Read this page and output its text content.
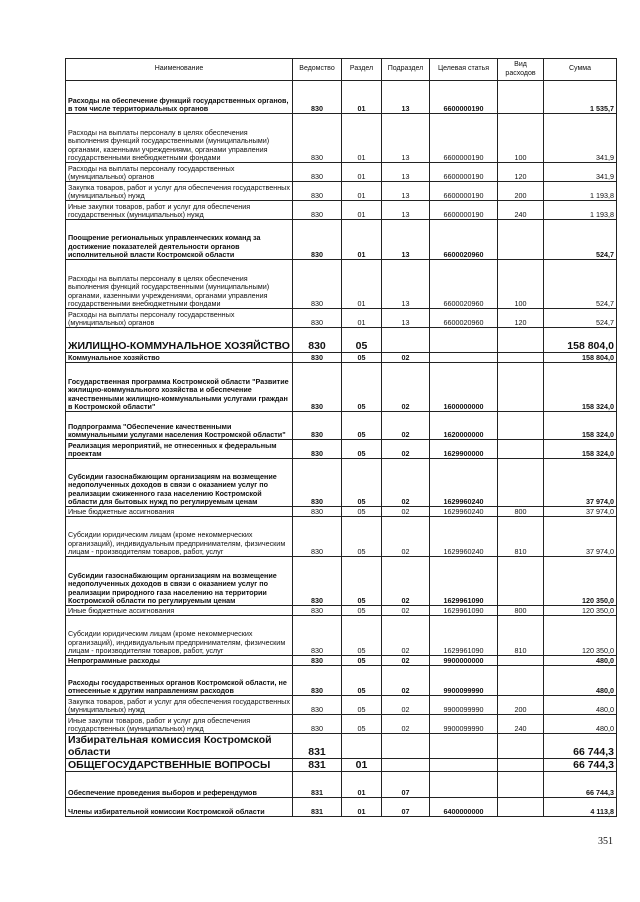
Наименование	Ведомство	Раздел	Подраздел	Целевая статья	Вид расходов	Сумма
Расходы на обеспечение функций государственных органов, в том числе территориальных органов	830	01	13	6600000190		1 535,7
Расходы на выплаты персоналу в целях обеспечения выполнения функций государственными (муниципальными) органами, казенными учреждениями, органами управления государственными внебюджетными фондами	830	01	13	6600000190	100	341,9
Расходы на выплаты персоналу государственных (муниципальных) органов	830	01	13	6600000190	120	341,9
Закупка товаров, работ и услуг для обеспечения государственных (муниципальных) нужд	830	01	13	6600000190	200	1 193,8
Иные закупки товаров, работ и услуг для обеспечения государственных (муниципальных) нужд	830	01	13	6600000190	240	1 193,8
Поощрение региональных управленческих команд за достижение показателей деятельности органов исполнительной власти Костромской области	830	01	13	6600020960		524,7
Расходы на выплаты персоналу в целях обеспечения выполнения функций государственными (муниципальными) органами, казенными учреждениями, органами управления государственными внебюджетными фондами	830	01	13	6600020960	100	524,7
Расходы на выплаты персоналу государственных (муниципальных) органов	830	01	13	6600020960	120	524,7
ЖИЛИЩНО-КОММУНАЛЬНОЕ ХОЗЯЙСТВО	830	05				158 804,0
Коммунальное хозяйство	830	05	02			158 804,0
Государственная программа Костромской области "Развитие жилищно-коммунального хозяйства и обеспечение качественными жилищно-коммунальными услугами граждан в Костромской области"	830	05	02	1600000000		158 324,0
Подпрограмма "Обеспечение качественными коммунальными услугами населения Костромской области"	830	05	02	1620000000		158 324,0
Реализация мероприятий, не отнесенных к федеральным проектам	830	05	02	1629900000		158 324,0
Субсидии газоснабжающим организациям на возмещение недополученных доходов в связи с оказанием услуг по реализации сжиженного газа населению Костромской области для бытовых нужд по регулируемым ценам	830	05	02	1629960240		37 974,0
Иные бюджетные ассигнования	830	05	02	1629960240	800	37 974,0
Субсидии юридическим лицам (кроме некоммерческих организаций), индивидуальным предпринимателям, физическим лицам - производителям товаров, работ, услуг	830	05	02	1629960240	810	37 974,0
Субсидии газоснабжающим организациям на возмещение недополученных доходов в связи с оказанием услуг по реализации природного газа населению на территории Костромской области по регулируемым ценам	830	05	02	1629961090		120 350,0
Иные бюджетные ассигнования	830	05	02	1629961090	800	120 350,0
Субсидии юридическим лицам (кроме некоммерческих организаций), индивидуальным предпринимателям, физическим лицам - производителям товаров, работ, услуг	830	05	02	1629961090	810	120 350,0
Непрограммные расходы	830	05	02	9900000000		480,0
Расходы государственных органов Костромской области, не отнесенные к другим направлениям расходов	830	05	02	9900099990		480,0
Закупка товаров, работ и услуг для обеспечения государственных (муниципальных) нужд	830	05	02	9900099990	200	480,0
Иные закупки товаров, работ и услуг для обеспечения государственных (муниципальных) нужд	830	05	02	9900099990	240	480,0
Избирательная комиссия Костромской области	831					66 744,3
ОБЩЕГОСУДАРСТВЕННЫЕ ВОПРОСЫ	831	01				66 744,3
Обеспечение проведения выборов и референдумов	831	01	07			66 744,3
Члены избирательной комиссии Костромской области	831	01	07	6400000000		4 113,8
351
